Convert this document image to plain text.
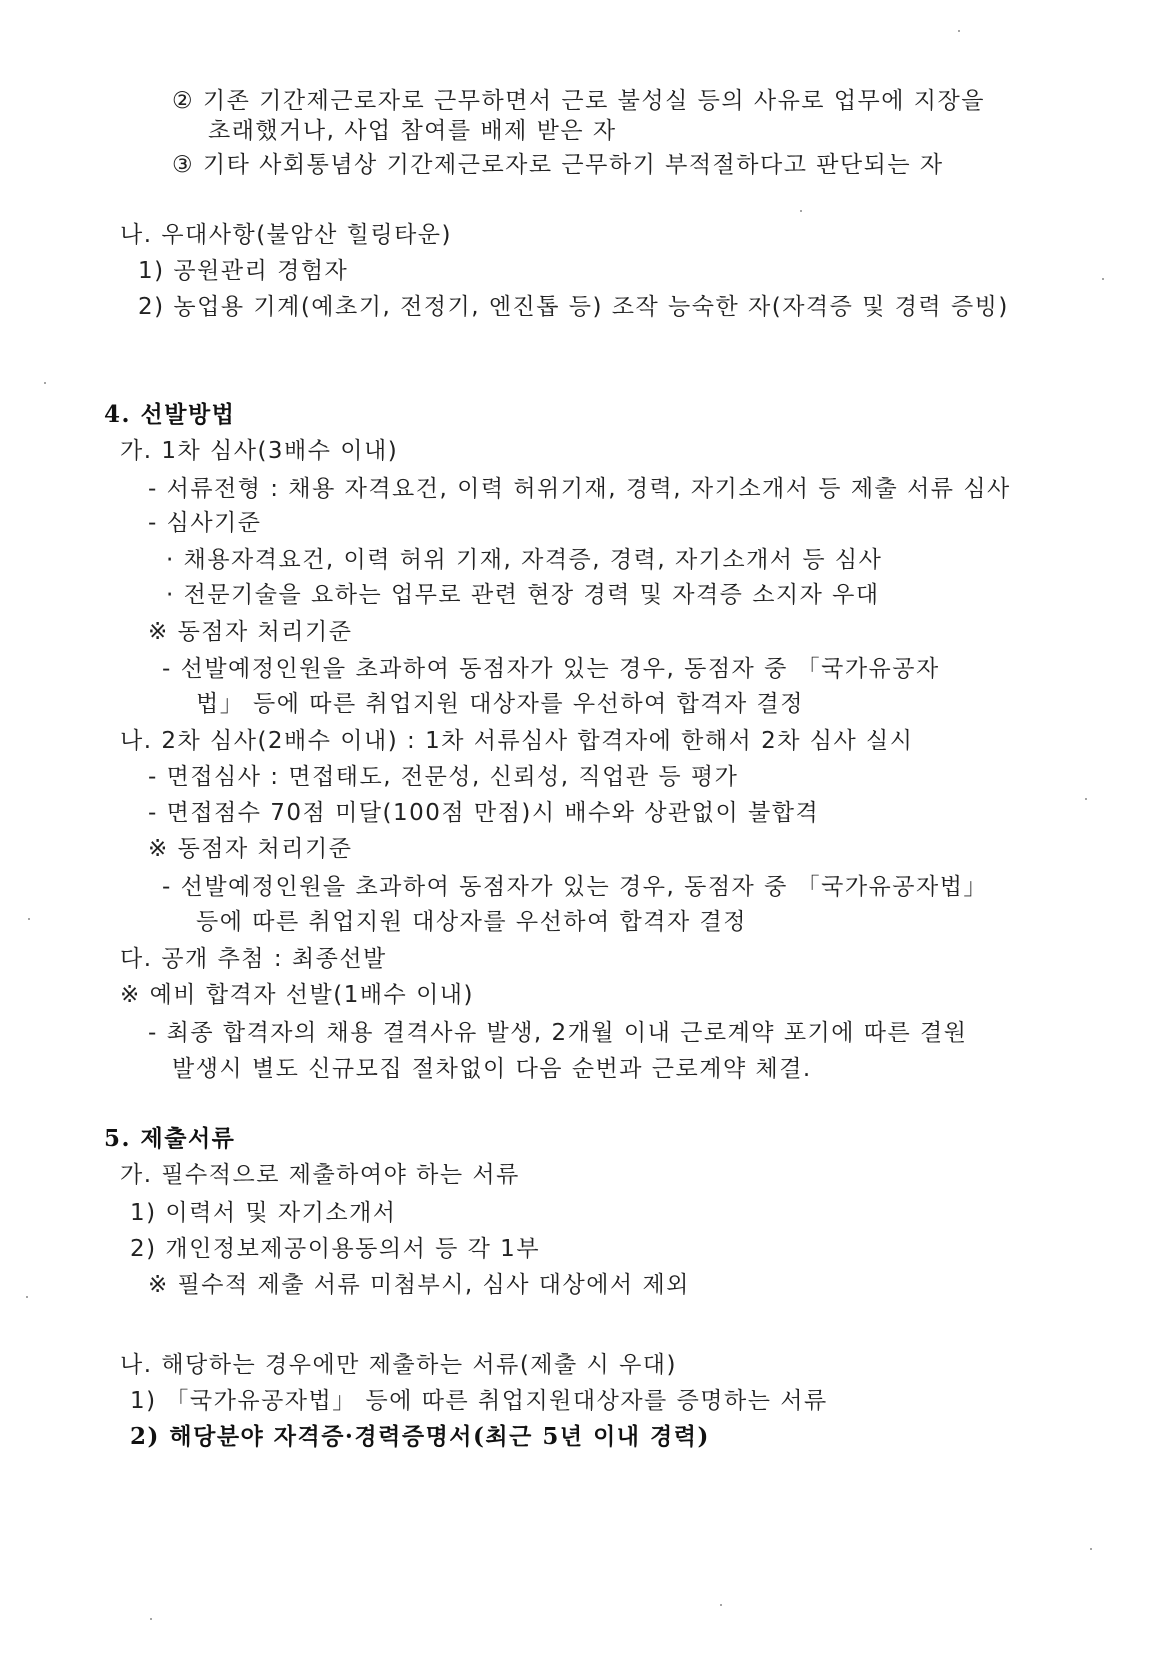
② 기존 기간제근로자로 근무하면서 근로 불성실 등의 사유로 업무에 지장을
초래했거나, 사업 참여를 배제 받은 자
③ 기타 사회통념상 기간제근로자로 근무하기 부적절하다고 판단되는 자
나. 우대사항(불암산 힐링타운)
1) 공원관리 경험자
2) 농업용 기계(예초기, 전정기, 엔진톱 등) 조작 능숙한 자(자격증 및 경력 증빙)
4. 선발방법
가. 1차 심사(3배수 이내)
- 서류전형 : 채용 자격요건, 이력 허위기재, 경력, 자기소개서 등 제출 서류 심사
- 심사기준
· 채용자격요건, 이력 허위 기재, 자격증, 경력, 자기소개서 등 심사
· 전문기술을 요하는 업무로 관련 현장 경력 및 자격증 소지자 우대
※ 동점자 처리기준
- 선발예정인원을 초과하여 동점자가 있는 경우, 동점자 중 「국가유공자
법」 등에 따른 취업지원 대상자를 우선하여 합격자 결정
나. 2차 심사(2배수 이내) : 1차 서류심사 합격자에 한해서 2차 심사 실시
- 면접심사 : 면접태도, 전문성, 신뢰성, 직업관 등 평가
- 면접점수 70점 미달(100점 만점)시 배수와 상관없이 불합격
※ 동점자 처리기준
- 선발예정인원을 초과하여 동점자가 있는 경우, 동점자 중 「국가유공자법」
등에 따른 취업지원 대상자를 우선하여 합격자 결정
다. 공개 추첨 : 최종선발
※ 예비 합격자 선발(1배수 이내)
- 최종 합격자의 채용 결격사유 발생, 2개월 이내 근로계약 포기에 따른 결원
발생시 별도 신규모집 절차없이 다음 순번과 근로계약 체결.
5. 제출서류
가. 필수적으로 제출하여야 하는 서류
1) 이력서 및 자기소개서
2) 개인정보제공이용동의서 등 각 1부
※ 필수적 제출 서류 미첨부시, 심사 대상에서 제외
나. 해당하는 경우에만 제출하는 서류(제출 시 우대)
1) 「국가유공자법」 등에 따른 취업지원대상자를 증명하는 서류
2) 해당분야 자격증·경력증명서(최근 5년 이내 경력)
